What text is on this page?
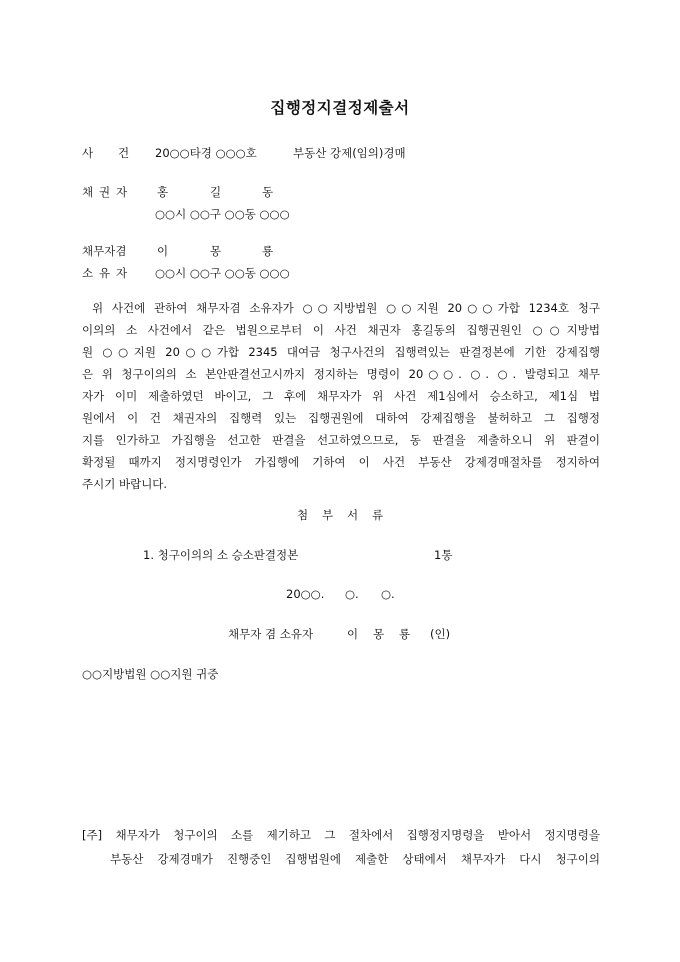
집행정지결정제출서
사 건 20○○타경 ○○○호	부동산 강제(임의)경매
채 권 자	홍	길	동
○○시 ○○구 ○○동 ○○○
채무자겸	이	몽	룡
소 유 자 ○○시 ○○구 ○○동 ○○○
위 사건에 관하여 채무자겸 소유자가 ○○지방법원 ○○지원 20○○가합 1234호 청구
이의의 소 사건에서 같은 법원으로부터 이 사건 채권자 홍길동의 집행권원인 ○○지방법
원 ○○지원 20○○가합 2345 대여금 청구사건의 집행력있는 판결정본에 기한 강제집행
은 위 청구이의의 소 본안판결선고시까지 정지하는 명령이 20○○. ○. ○. 발령되고 채무
자가 이미 제출하였던 바이고, 그 후에 채무자가 위 사건 제1심에서 승소하고, 제1심 법
원에서 이 건 채권자의 집행력 있는 집행권원에 대하여 강제집행을 불허하고 그 집행정
지를 인가하고 가집행을 선고한 판결을 선고하였으므로, 동 판결을 제출하오니 위 판결이
확정될 때까지 정지명령인가 가집행에 기하여 이 사건 부동산 강제경매절차를 정지하여
주시기 바랍니다.
첨 부 서 류
1. 청구이의의 소 승소판결정본	1통
20○○. ○. ○.
채무자 겸 소유자	이 몽 룡 (인)
○○지방법원 ○○지원 귀중
[주] 채무자가 청구이의 소를 제기하고 그 절차에서 집행정지명령을 받아서 정지명령을
부동산 강제경매가 진행중인 집행법원에 제출한 상태에서 채무자가 다시 청구이의
